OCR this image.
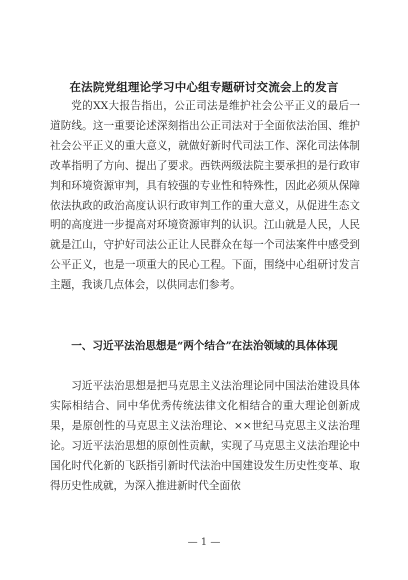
在法院党组理论学习中心组专题研讨交流会上的发言

党的XX大报告指出，公正司法是维护社会公平正义的最后一道防线。这一重要论述深刻指出公正司法对于全面依法治国、维护社会公平正义的重大意义，就做好新时代司法工作、深化司法体制改革指明了方向、提出了要求。西铁两级法院主要承担的是行政审判和环境资源审判，具有较强的专业性和特殊性，因此必须从保障依法执政的政治高度认识行政审判工作的重大意义，从促进生态文明的高度进一步提高对环境资源审判的认识。江山就是人民，人民就是江山，守护好司法公正让人民群众在每一个司法案件中感受到公平正义，也是一项重大的民心工程。下面，围绕中心组研讨发言主题，我谈几点体会，以供同志们参考。

一、习近平法治思想是“两个结合”在法治领域的具体体现

习近平法治思想是把马克思主义法治理论同中国法治建设具体实际相结合、同中华优秀传统法律文化相结合的重大理论创新成果，是原创性的马克思主义法治理论、××世纪马克思主义法治理论。习近平法治思想的原创性贡献，实现了马克思主义法治理论中国化时代化新的飞跃指引新时代法治中国建设发生历史性变革、取得历史性成就，为深入推进新时代全面依

— 1 —
